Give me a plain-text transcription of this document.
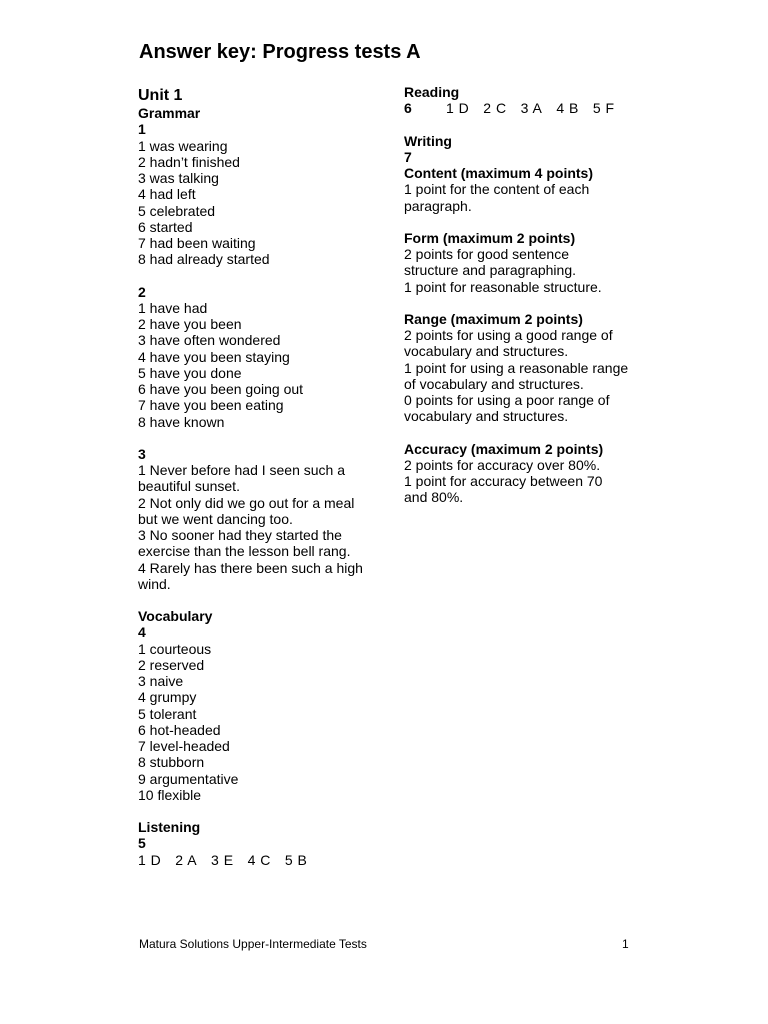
Answer key: Progress tests A
Unit 1
Grammar
1
1 was wearing
2 hadn’t finished
3 was talking
4 had left
5 celebrated
6 started
7 had been waiting
8 had already started
2
1 have had
2 have you been
3 have often wondered
4 have you been staying
5 have you done
6 have you been going out
7 have you been eating
8 have known
3
1 Never before had I seen such a beautiful sunset.
2 Not only did we go out for a meal but we went dancing too.
3 No sooner had they started the exercise than the lesson bell rang.
4 Rarely has there been such a high wind.
Vocabulary
4
1 courteous
2 reserved
3 naive
4 grumpy
5 tolerant
6 hot-headed
7 level-headed
8 stubborn
9 argumentative
10 flexible
Listening
5
1 D 2 A 3 E 4 C 5 B
Reading
6	1 D 2 C 3 A 4 B 5 F
Writing
7
Content (maximum 4 points)
1 point for the content of each paragraph.
Form (maximum 2 points)
2 points for good sentence structure and paragraphing.
1 point for reasonable structure.
Range (maximum 2 points)
2 points for using a good range of vocabulary and structures.
1 point for using a reasonable range of vocabulary and structures.
0 points for using a poor range of vocabulary and structures.
Accuracy (maximum 2 points)
2 points for accuracy over 80%.
1 point for accuracy between 70 and 80%.
Matura Solutions Upper-Intermediate Tests	1
